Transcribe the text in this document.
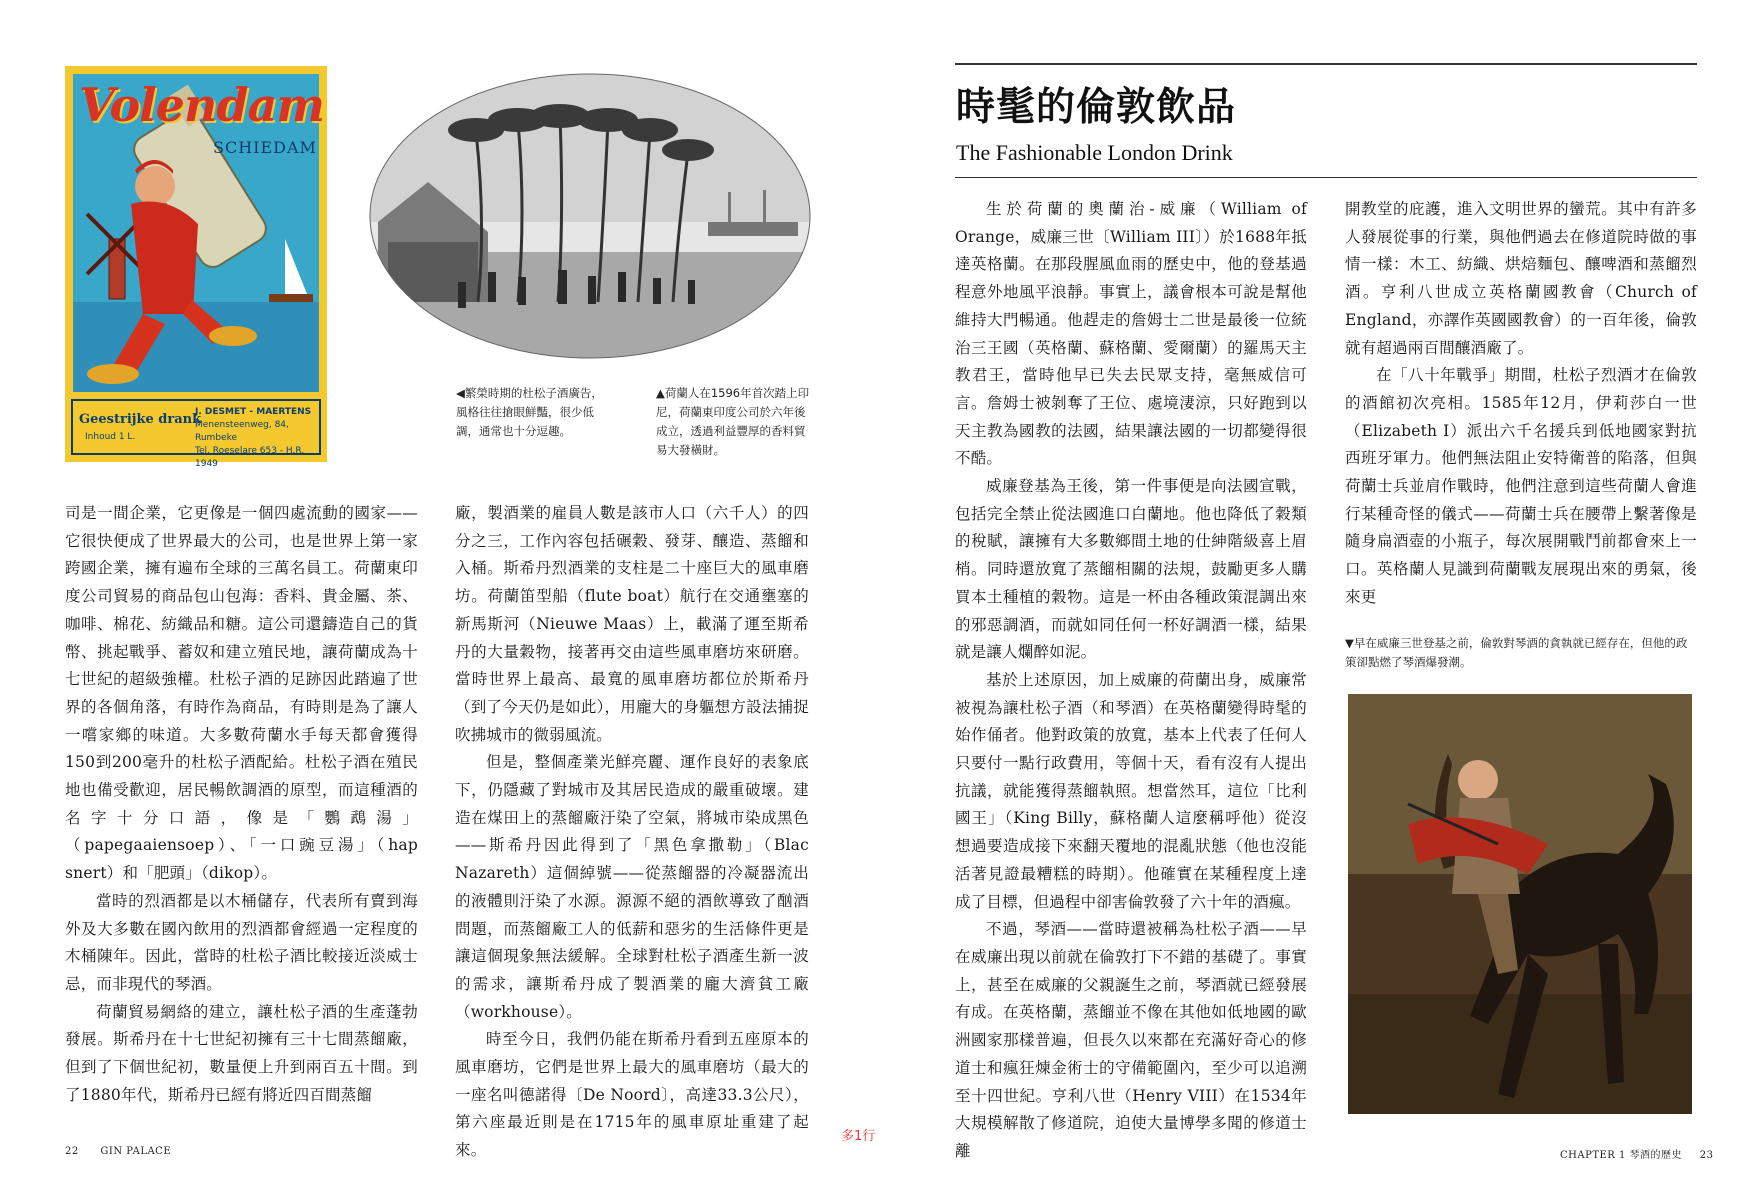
Volendam
SCHIEDAM
Geestrijke drank
J. DESMET - MAERTENS
Menensteenweg, 84, Rumbeke
Tel. Roeselare 653 - H.R. 1949
Inhoud 1 L.
◀繁榮時期的杜松子酒廣告，風格往往搶眼鮮豔，很少低調，通常也十分逗趣。
▲荷蘭人在1596年首次踏上印尼，荷蘭東印度公司於六年後成立，透過利益豐厚的香料貿易大發橫財。

司是一間企業，它更像是一個四處流動的國家——它很快便成了世界最大的公司，也是世界上第一家跨國企業，擁有遍布全球的三萬名員工。荷蘭東印度公司貿易的商品包山包海：香料、貴金屬、茶、咖啡、棉花、紡織品和糖。這公司還鑄造自己的貨幣、挑起戰爭、蓄奴和建立殖民地，讓荷蘭成為十七世紀的超級強權。杜松子酒的足跡因此踏遍了世界的各個角落，有時作為商品，有時則是為了讓人一嚐家鄉的味道。大多數荷蘭水手每天都會獲得150到200毫升的杜松子酒配給。杜松子酒在殖民地也備受歡迎，居民暢飲調酒的原型，而這種酒的名字十分口語，像是「鸚鵡湯」（papegaaiensoep）、「一口豌豆湯」（hap snert）和「肥頭」（dikop）。

當時的烈酒都是以木桶儲存，代表所有賣到海外及大多數在國內飲用的烈酒都會經過一定程度的木桶陳年。因此，當時的杜松子酒比較接近淡威士忌，而非現代的琴酒。

荷蘭貿易網絡的建立，讓杜松子酒的生產蓬勃發展。斯希丹在十七世紀初擁有三十七間蒸餾廠，但到了下個世紀初，數量便上升到兩百五十間。到了1880年代，斯希丹已經有將近四百間蒸餾

廠，製酒業的雇員人數是該市人口（六千人）的四分之三，工作內容包括碾穀、發芽、釀造、蒸餾和入桶。斯希丹烈酒業的支柱是二十座巨大的風車磨坊。荷蘭笛型船（flute boat）航行在交通壅塞的新馬斯河（Nieuwe Maas）上，載滿了運至斯希丹的大量穀物，接著再交由這些風車磨坊來研磨。當時世界上最高、最寬的風車磨坊都位於斯希丹（到了今天仍是如此），用龐大的身軀想方設法捕捉吹拂城市的微弱風流。

但是，整個產業光鮮亮麗、運作良好的表象底下，仍隱藏了對城市及其居民造成的嚴重破壞。建造在煤田上的蒸餾廠汙染了空氣，將城市染成黑色——斯希丹因此得到了「黑色拿撒勒」（Blac Nazareth）這個綽號——從蒸餾器的冷凝器流出的液體則汙染了水源。源源不絕的酒飲導致了酗酒問題，而蒸餾廠工人的低薪和惡劣的生活條件更是讓這個現象無法緩解。全球對杜松子酒產生新一波的需求，讓斯希丹成了製酒業的龐大濟貧工廠（workhouse）。

時至今日，我們仍能在斯希丹看到五座原本的風車磨坊，它們是世界上最大的風車磨坊（最大的一座名叫德諾得〔De Noord〕，高達33.3公尺），第六座最近則是在1715年的風車原址重建了起來。

多1行
22 GIN PALACE
時髦的倫敦飲品
The Fashionable London Drink

生於荷蘭的奧蘭治-威廉（William of Orange，威廉三世〔William III〕）於1688年抵達英格蘭。在那段腥風血雨的歷史中，他的登基過程意外地風平浪靜。事實上，議會根本可說是幫他維持大門暢通。他趕走的詹姆士二世是最後一位統治三王國（英格蘭、蘇格蘭、愛爾蘭）的羅馬天主教君王，當時他早已失去民眾支持，毫無威信可言。詹姆士被剝奪了王位、處境淒涼，只好跑到以天主教為國教的法國，結果讓法國的一切都變得很不酷。

威廉登基為王後，第一件事便是向法國宣戰，包括完全禁止從法國進口白蘭地。他也降低了穀類的稅賦，讓擁有大多數鄉間土地的仕紳階級喜上眉梢。同時還放寬了蒸餾相關的法規，鼓勵更多人購買本土種植的穀物。這是一杯由各種政策混調出來的邪惡調酒，而就如同任何一杯好調酒一樣，結果就是讓人爛醉如泥。

基於上述原因，加上威廉的荷蘭出身，威廉常被視為讓杜松子酒（和琴酒）在英格蘭變得時髦的始作俑者。他對政策的放寬，基本上代表了任何人只要付一點行政費用，等個十天，看有沒有人提出抗議，就能獲得蒸餾執照。想當然耳，這位「比利國王」（King Billy，蘇格蘭人這麼稱呼他）從沒想過要造成接下來翻天覆地的混亂狀態（他也沒能活著見證最糟糕的時期）。他確實在某種程度上達成了目標，但過程中卻害倫敦發了六十年的酒瘋。

不過，琴酒——當時還被稱為杜松子酒——早在威廉出現以前就在倫敦打下不錯的基礎了。事實上，甚至在威廉的父親誕生之前，琴酒就已經發展有成。在英格蘭，蒸餾並不像在其他如低地國的歐洲國家那樣普遍，但長久以來都在充滿好奇心的修道士和瘋狂煉金術士的守備範圍內，至少可以追溯至十四世紀。亨利八世（Henry VIII）在1534年大規模解散了修道院，迫使大量博學多聞的修道士離

開教堂的庇護，進入文明世界的蠻荒。其中有許多人發展從事的行業，與他們過去在修道院時做的事情一樣：木工、紡織、烘焙麵包、釀啤酒和蒸餾烈酒。亨利八世成立英格蘭國教會（Church of England，亦譯作英國國教會）的一百年後，倫敦就有超過兩百間釀酒廠了。

在「八十年戰爭」期間，杜松子烈酒才在倫敦的酒館初次亮相。1585年12月，伊莉莎白一世（Elizabeth I）派出六千名援兵到低地國家對抗西班牙軍力。他們無法阻止安特衛普的陷落，但與荷蘭士兵並肩作戰時，他們注意到這些荷蘭人會進行某種奇怪的儀式——荷蘭士兵在腰帶上繫著像是隨身扁酒壺的小瓶子，每次展開戰鬥前都會來上一口。英格蘭人見識到荷蘭戰友展現出來的勇氣，後來更

▼早在威廉三世登基之前，倫敦對琴酒的貪執就已經存在，但他的政策卻點燃了琴酒爆發潮。
CHAPTER 1 琴酒的歷史 23
